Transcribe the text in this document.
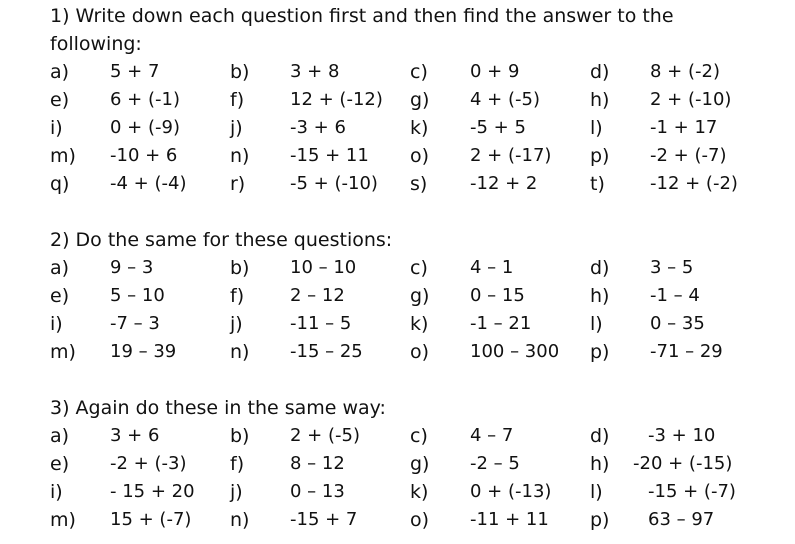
1) Write down each question first and then find the answer to the
following:
a) 5 + 7	b) 3 + 8	c) 0 + 9	d) 8 + (-2)
e) 6 + (-1)	f)	12 + (-12) g) 4 + (-5)	h) 2 + (-10)
i)	0 + (-9)	j)	-3 + 6	k) -5 + 5	l)	-1 + 17
m) -10 + 6	n) -15 + 11 o) 2 + (-17) p) -2 + (-7)
q) -4 + (-4) r) -5 + (-10) s) -12 + 2	t)	-12 + (-2)
2) Do the same for these questions:
a) 9 – 3	b) 10 – 10	c) 4 – 1	d) 3 – 5
e) 5 – 10	f)	2 – 12	g) 0 – 15	h) -1 – 4
i)	-7 – 3	j)	-11 – 5	k) -1 – 21	l)	0 – 35
m) 19 – 39	n) -15 – 25 o) 100 – 300 p) -71 – 29
3) Again do these in the same way:
a) 3 + 6	b) 2 + (-5)	c) 4 – 7	d) -3 + 10
e) -2 + (-3) f)	8 – 12	g) -2 – 5	h) -20 + (-15)
i)	- 15 + 20 j)	0 – 13	k) 0 + (-13) l)	-15 + (-7)
m) 15 + (-7) n) -15 + 7	o) -11 + 11 p) 63 – 97
